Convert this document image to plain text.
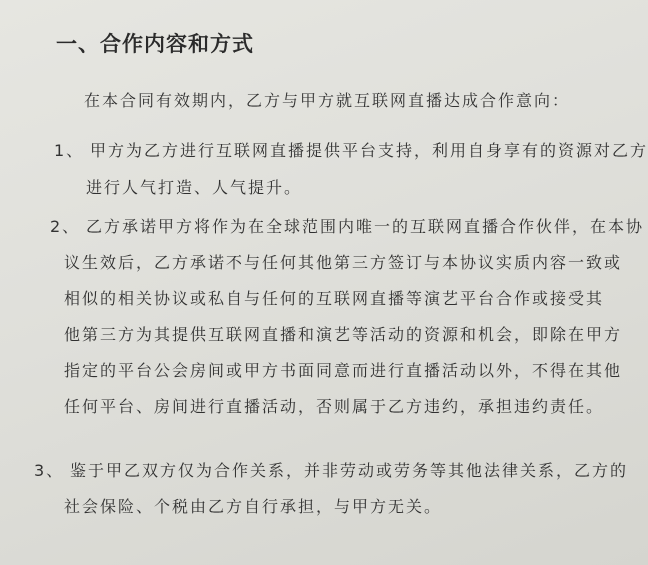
一、合作内容和方式
在本合同有效期内，乙方与甲方就互联网直播达成合作意向：
1、 甲方为乙方进行互联网直播提供平台支持，利用自身享有的资源对乙方
进行人气打造、人气提升。
2、 乙方承诺甲方将作为在全球范围内唯一的互联网直播合作伙伴，在本协
议生效后，乙方承诺不与任何其他第三方签订与本协议实质内容一致或
相似的相关协议或私自与任何的互联网直播等演艺平台合作或接受其
他第三方为其提供互联网直播和演艺等活动的资源和机会，即除在甲方
指定的平台公会房间或甲方书面同意而进行直播活动以外，不得在其他
任何平台、房间进行直播活动，否则属于乙方违约，承担违约责任。
3、 鉴于甲乙双方仅为合作关系，并非劳动或劳务等其他法律关系，乙方的
社会保险、个税由乙方自行承担，与甲方无关。
